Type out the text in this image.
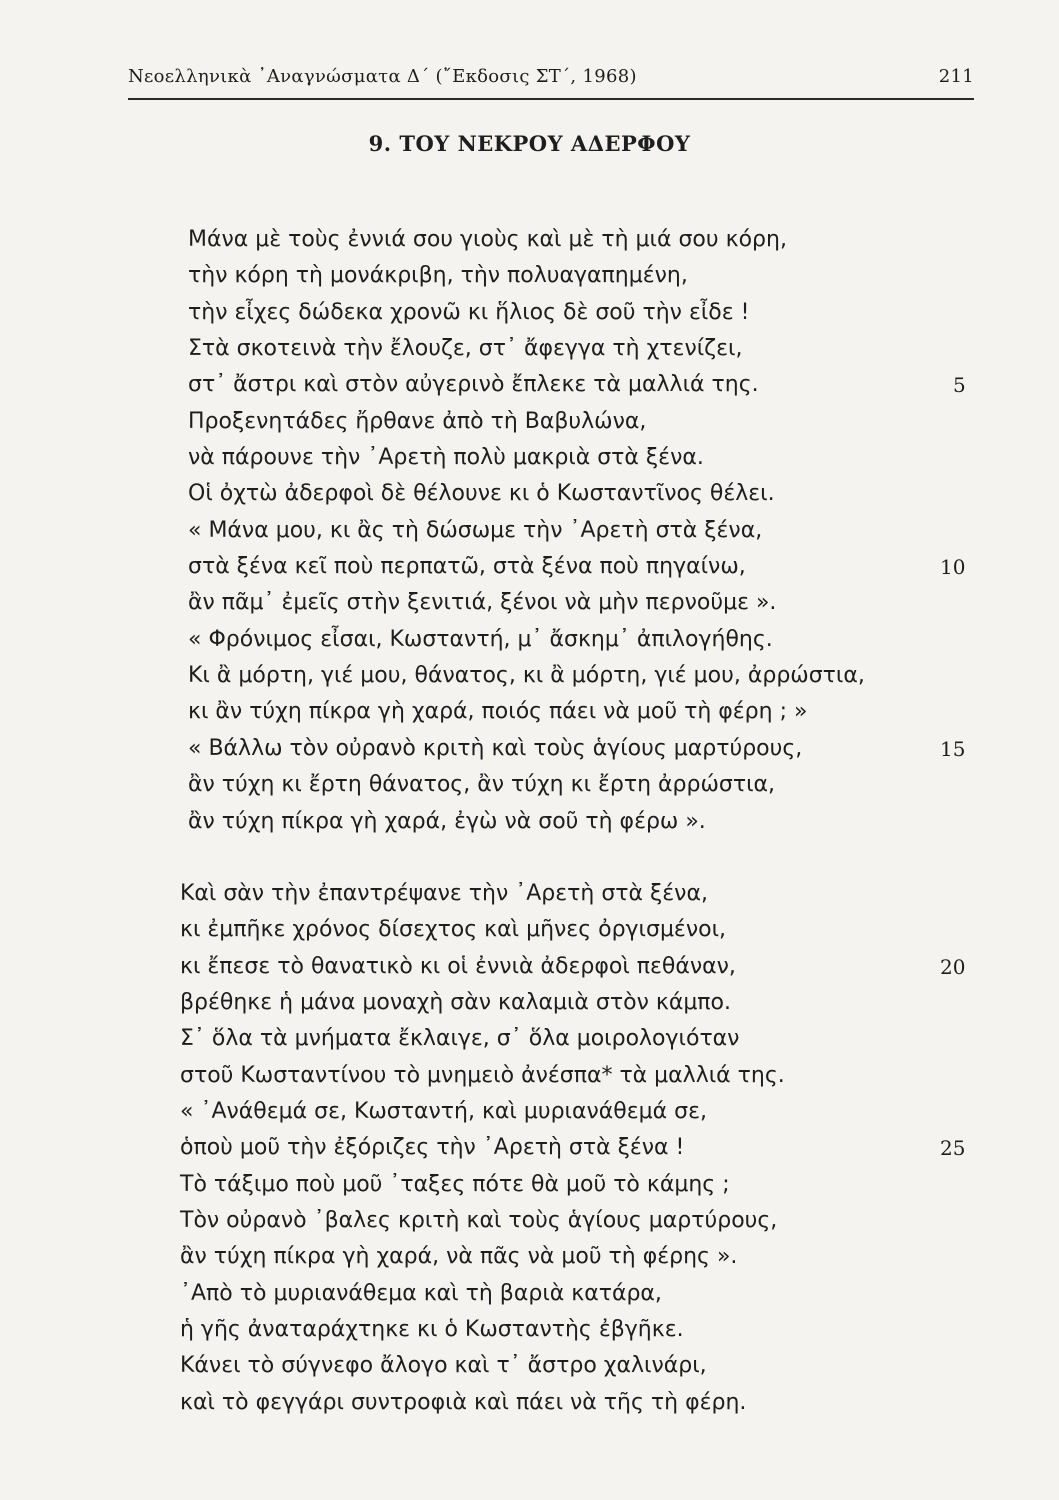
Νεοελληνικὰ ᾿Αναγνώσματα Δ΄ (῎Εκδοσις ΣΤ΄, 1968)	211
9. ΤΟΥ ΝΕΚΡΟΥ ΑΔΕΡΦΟΥ
Μάνα μὲ τοὺς ἐννιά σου γιοὺς καὶ μὲ τὴ μιά σου κόρη,
τὴν κόρη τὴ μονάκριβη, τὴν πολυαγαπημένη,
τὴν εἶχες δώδεκα χρονῶ κι ἥλιος δὲ σοῦ τὴν εἶδε !
Στὰ σκοτεινὰ τὴν ἔλουζε, στ᾿ ἄφεγγα τὴ χτενίζει,
στ᾿ ἄστρι καὶ στὸν αὐγερινὸ ἔπλεκε τὰ μαλλιά της.	5
Προξενητάδες ἤρθανε ἀπὸ τὴ Βαβυλώνα,
νὰ πάρουνε τὴν ᾿Αρετὴ πολὺ μακριὰ στὰ ξένα.
Οἱ ὀχτὼ ἀδερφοὶ δὲ θέλουνε κι ὁ Κωσταντῖνος θέλει.
« Μάνα μου, κι ἂς τὴ δώσωμε τὴν ᾿Αρετὴ στὰ ξένα,
στὰ ξένα κεῖ ποὺ περπατῶ, στὰ ξένα ποὺ πηγαίνω,	10
ἂν πᾶμ᾿ ἐμεῖς στὴν ξενιτιά, ξένοι νὰ μὴν περνοῦμε ».
« Φρόνιμος εἶσαι, Κωσταντή, μ᾿ ἄσκημ᾿ ἀπιλογήθης.
Κι ἂ μόρτη, γιέ μου, θάνατος, κι ἂ μόρτη, γιέ μου, ἀρρώστια,
κι ἂν τύχη πίκρα γὴ χαρά, ποιός πάει νὰ μοῦ τὴ φέρη ; »
« Βάλλω τὸν οὐρανὸ κριτὴ καὶ τοὺς ἁγίους μαρτύρους,	15
ἂν τύχη κι ἔρτη θάνατος, ἂν τύχη κι ἔρτη ἀρρώστια,
ἂν τύχη πίκρα γὴ χαρά, ἐγὼ νὰ σοῦ τὴ φέρω ».
Καὶ σὰν τὴν ἐπαντρέψανε τὴν ᾿Αρετὴ στὰ ξένα,
κι ἐμπῆκε χρόνος δίσεχτος καὶ μῆνες ὀργισμένοι,
κι ἔπεσε τὸ θανατικὸ κι οἱ ἐννιὰ ἀδερφοὶ πεθάναν,	20
βρέθηκε ἡ μάνα μοναχὴ σὰν καλαμιὰ στὸν κάμπο.
Σ᾿ ὅλα τὰ μνήματα ἔκλαιγε, σ᾿ ὅλα μοιρολογιόταν
στοῦ Κωσταντίνου τὸ μνημειὸ ἀνέσπα* τὰ μαλλιά της.
« ᾿Ανάθεμά σε, Κωσταντή, καὶ μυριανάθεμά σε,
ὁποὺ μοῦ τὴν ἐξόριζες τὴν ᾿Αρετὴ στὰ ξένα !	25
Τὸ τάξιμο ποὺ μοῦ ᾿ταξες πότε θὰ μοῦ τὸ κάμης ;
Τὸν οὐρανὸ ᾿βαλες κριτὴ καὶ τοὺς ἁγίους μαρτύρους,
ἂν τύχη πίκρα γὴ χαρά, νὰ πᾶς νὰ μοῦ τὴ φέρης ».
᾿Απὸ τὸ μυριανάθεμα καὶ τὴ βαριὰ κατάρα,
ἡ γῆς ἀναταράχτηκε κι ὁ Κωσταντὴς ἐβγῆκε.
Κάνει τὸ σύγνεφο ἄλογο καὶ τ᾿ ἄστρο χαλινάρι,
καὶ τὸ φεγγάρι συντροφιὰ καὶ πάει νὰ τῆς τὴ φέρη.
